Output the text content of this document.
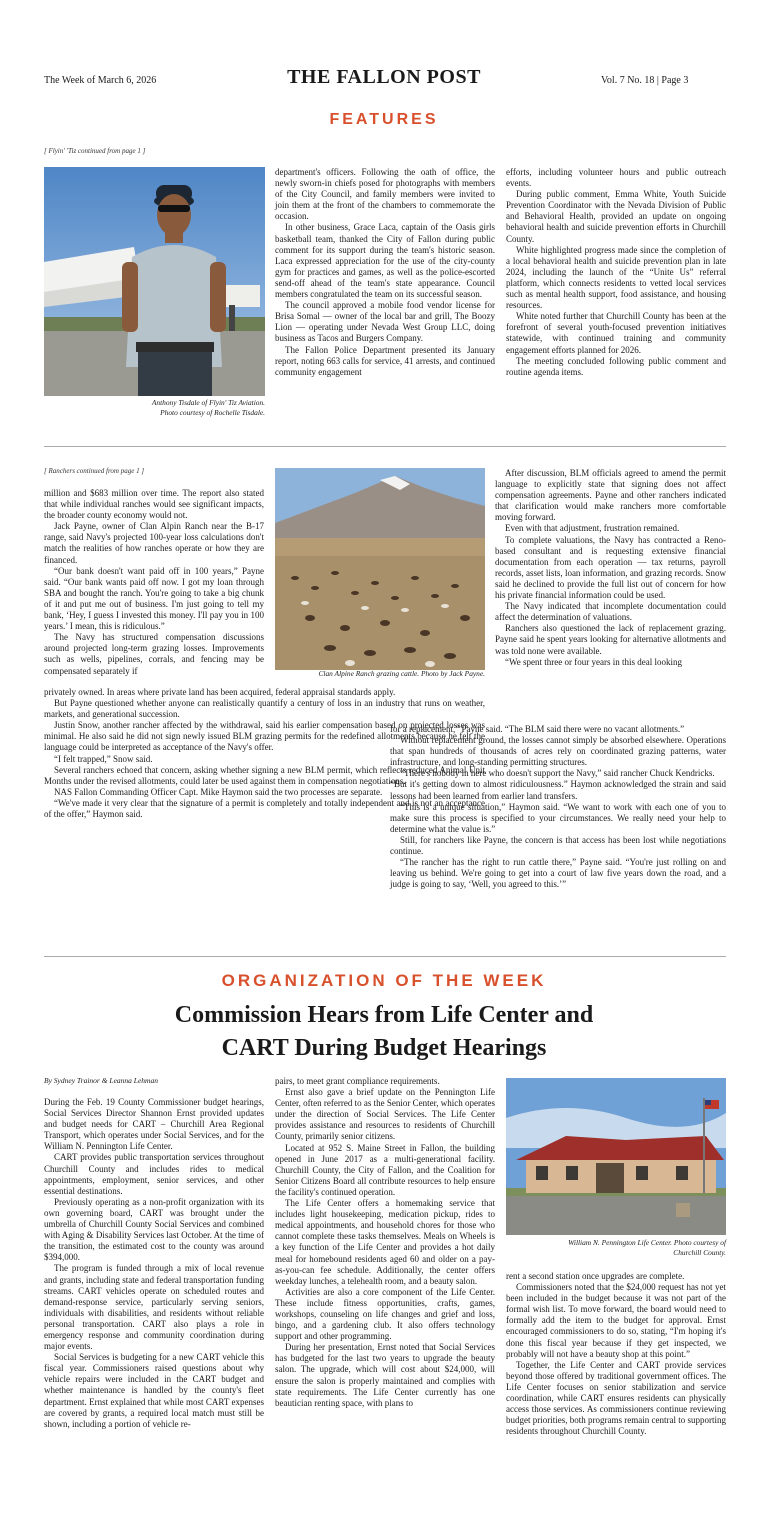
The Week of March 6, 2026	THE FALLON POST	Vol. 7 No. 18 | Page 3
FEATURES
[ Flyin' 'Tiz continued from page 1 ]
Anthony Tisdale of Flyin' Tiz Aviation.
Photo courtesy of Rochelle Tisdale.

department's officers. Following the oath of office, the newly sworn-in chiefs posed for photographs with members of the City Council, and family members were invited to join them at the front of the chambers to commemorate the occasion.

In other business, Grace Laca, captain of the Oasis girls basketball team, thanked the City of Fallon during public comment for its support during the team's historic season. Laca expressed appreciation for the use of the city-county gym for practices and games, as well as the police-escorted send-off ahead of the team's state appearance. Council members congratulated the team on its successful season.

The council approved a mobile food vendor license for Brisa Somal — owner of the local bar and grill, The Boozy Lion — operating under Nevada West Group LLC, doing business as Tacos and Burgers Company.

The Fallon Police Department presented its January report, noting 663 calls for service, 41 arrests, and continued community engagement

efforts, including volunteer hours and public outreach events.

During public comment, Emma White, Youth Suicide Prevention Coordinator with the Nevada Division of Public and Behavioral Health, provided an update on ongoing behavioral health and suicide prevention efforts in Churchill County.

White highlighted progress made since the completion of a local behavioral health and suicide prevention plan in late 2024, including the launch of the “Unite Us” referral platform, which connects residents to vetted local services such as mental health support, food assistance, and housing resources.

White noted further that Churchill County has been at the forefront of several youth-focused prevention initiatives statewide, with continued training and community engagement efforts planned for 2026.

The meeting concluded following public comment and routine agenda items.

[ Ranchers continued from page 1 ]

million and $683 million over time. The report also stated that while individual ranches would see significant impacts, the broader county economy would not.

Jack Payne, owner of Clan Alpin Ranch near the B-17 range, said Navy's projected 100-year loss calculations don't match the realities of how ranches operate or how they are financed.

“Our bank doesn't want paid off in 100 years,” Payne said. “Our bank wants paid off now. I got my loan through SBA and bought the ranch. You're going to take a big chunk of it and put me out of business. I'm just going to tell my bank, ‘Hey, I guess I invested this money. I'll pay you in 100 years.’ I mean, this is ridiculous.”

The Navy has structured compensation discussions around projected long-term grazing losses. Improvements such as wells, pipelines, corrals, and fencing may be compensated separately if	Clan Alpine Ranch grazing cattle. Photo by Jack Payne.

privately owned. In areas where private land has been acquired, federal appraisal standards apply.

But Payne questioned whether anyone can realistically quantify a century of loss in an industry that runs on weather, markets, and generational succession.

Justin Snow, another rancher affected by the withdrawal, said his earlier compensation based on projected losses was minimal. He also said he did not sign newly issued BLM grazing permits for the redefined allotments because he felt the language could be interpreted as acceptance of the Navy's offer.

“I felt trapped,” Snow said.

Several ranchers echoed that concern, asking whether signing a new BLM permit, which reflects reduced Animal Unit Months under the revised allotments, could later be used against them in compensation negotiations.

NAS Fallon Commanding Officer Capt. Mike Haymon said the two processes are separate.

“We've made it very clear that the signature of a permit is completely and totally independent and is not an acceptance of the offer,” Haymon said.

After discussion, BLM officials agreed to amend the permit language to explicitly state that signing does not affect compensation agreements. Payne and other ranchers indicated that clarification would make ranchers more comfortable moving forward.

Even with that adjustment, frustration remained.

To complete valuations, the Navy has contracted a Reno-based consultant and is requesting extensive financial documentation from each operation — tax returns, payroll records, asset lists, loan information, and grazing records. Snow said he declined to provide the full list out of concern for how his private financial information could be used.

The Navy indicated that incomplete documentation could affect the determination of valuations.

Ranchers also questioned the lack of replacement grazing. Payne said he spent years looking for alternative allotments and was told none were available.

“We spent three or four years in this deal looking

for a replacement,” Payne said. “The BLM said there were no vacant allotments.”

Without replacement ground, the losses cannot simply be absorbed elsewhere. Operations that span hundreds of thousands of acres rely on coordinated grazing patterns, water infrastructure, and long-standing permitting structures.

“There's nobody in here who doesn't support the Navy,” said rancher Chuck Kendricks.

“But it's getting down to almost ridiculousness.” Haymon acknowledged the strain and said lessons had been learned from earlier land transfers.

“This is a unique situation,” Haymon said. “We want to work with each one of you to make sure this process is specified to your circumstances. We really need your help to determine what the value is.”

Still, for ranchers like Payne, the concern is that access has been lost while negotiations continue.

“The rancher has the right to run cattle there,” Payne said. “You're just rolling on and leaving us behind. We're going to get into a court of law five years down the road, and a judge is going to say, ‘Well, you agreed to this.’”

ORGANIZATION OF THE WEEK
Commission Hears from Life Center and
CART During Budget Hearings
By Sydney Trainor & Leanna Lehman

During the Feb. 19 County Commissioner budget hearings, Social Services Director Shannon Ernst provided updates and budget needs for CART – Churchill Area Regional Transport, which operates under Social Services, and for the William N. Pennington Life Center.

CART provides public transportation services throughout Churchill County and includes rides to medical appointments, employment, senior services, and other essential destinations.

Previously operating as a non-profit organization with its own governing board, CART was brought under the umbrella of Churchill County Social Services and combined with Aging & Disability Services last October. At the time of the transition, the estimated cost to the county was around $394,000.

The program is funded through a mix of local revenue and grants, including state and federal transportation funding streams. CART vehicles operate on scheduled routes and demand-response service, particularly serving seniors, individuals with disabilities, and residents without reliable personal transportation. CART also plays a role in emergency response and community coordination during major events.

Social Services is budgeting for a new CART vehicle this fiscal year. Commissioners raised questions about why vehicle repairs were included in the CART budget and whether maintenance is handled by the county's fleet department. Ernst explained that while most CART expenses are covered by grants, a required local match must still be shown, including a portion of vehicle re-

pairs, to meet grant compliance requirements.

Ernst also gave a brief update on the Pennington Life Center, often referred to as the Senior Center, which operates under the direction of Social Services. The Life Center provides assistance and resources to residents of Churchill County, primarily senior citizens.

Located at 952 S. Maine Street in Fallon, the building opened in June 2017 as a multi-generational facility. Churchill County, the City of Fallon, and the Coalition for Senior Citizens Board all contribute resources to help ensure the facility's continued operation.

The Life Center offers a homemaking service that includes light housekeeping, medication pickup, rides to medical appointments, and household chores for those who cannot complete these tasks themselves. Meals on Wheels is a key function of the Life Center and provides a hot daily meal for homebound residents aged 60 and older on a pay-as-you-can fee schedule. Additionally, the center offers weekday lunches, a telehealth room, and a beauty salon.

Activities are also a core component of the Life Center. These include fitness opportunities, crafts, games, workshops, counseling on life changes and grief and loss, bingo, and a gardening club. It also offers technology support and other programming.

During her presentation, Ernst noted that Social Services has budgeted for the last two years to upgrade the beauty salon. The upgrade, which will cost about $24,000, will ensure the salon is properly maintained and complies with state requirements. The Life Center currently has one beautician renting space, with plans to

William N. Pennington Life Center. Photo courtesy of
Churchill County.

rent a second station once upgrades are complete.

Commissioners noted that the $24,000 request has not yet been included in the budget because it was not part of the formal wish list. To move forward, the board would need to formally add the item to the budget for approval. Ernst encouraged commissioners to do so, stating, “I'm hoping it's done this fiscal year because if they get inspected, we probably will not have a beauty shop at this point.”

Together, the Life Center and CART provide services beyond those offered by traditional government offices. The Life Center focuses on senior stabilization and service coordination, while CART ensures residents can physically access those services. As commissioners continue reviewing budget priorities, both programs remain central to supporting residents throughout Churchill County.
